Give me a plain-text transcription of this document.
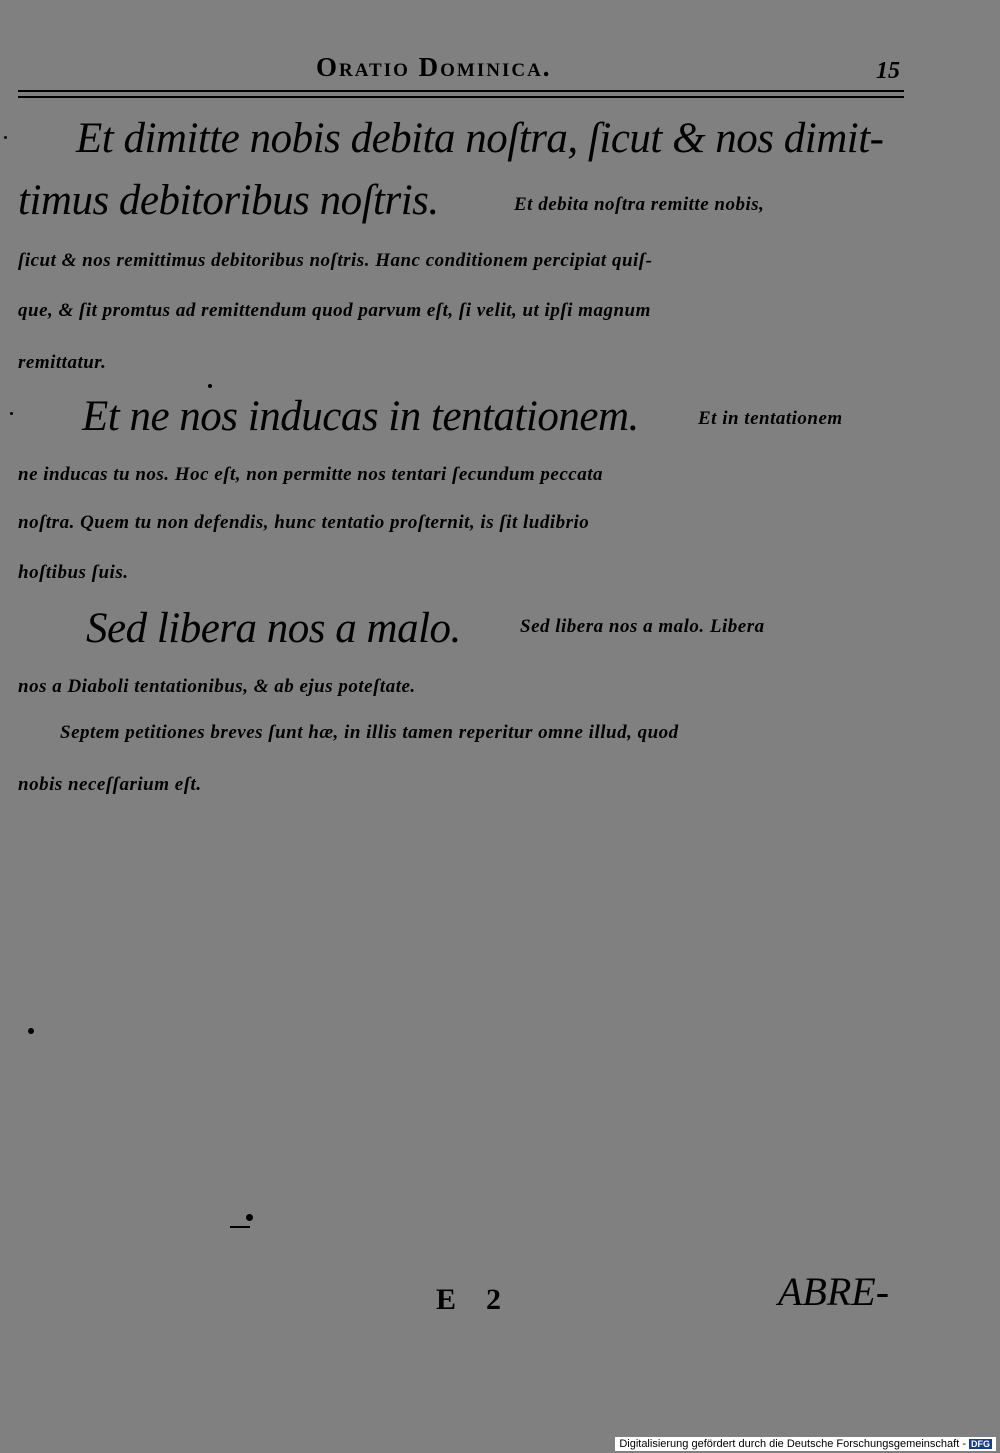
Oratio Dominica.	15
Et dimitte nobis debita noſtra, ſicut & nos dimit-
timus debitoribus noſtris.	Et debita noſtra remitte nobis,
ſicut & nos remittimus debitoribus noſtris. Hanc conditionem percipiat quiſ-
que, & ſit promtus ad remittendum quod parvum eſt, ſi velit, ut ipſi magnum
remittatur.
Et ne nos inducas in tentationem.	Et in tentationem
ne inducas tu nos. Hoc eſt, non permitte nos tentari ſecundum peccata
noſtra. Quem tu non defendis, hunc tentatio proſternit, is ſit ludibrio
hoſtibus ſuis.
Sed libera nos a malo.	Sed libera nos a malo. Libera
nos a Diaboli tentationibus, & ab ejus poteſtate.
Septem petitiones breves ſunt hæ, in illis tamen reperitur omne illud, quod
nobis neceſſarium eſt.
E 2	ABRE-
Digitalisierung gefördert durch die Deutsche Forschungsgemeinschaft - DFG
